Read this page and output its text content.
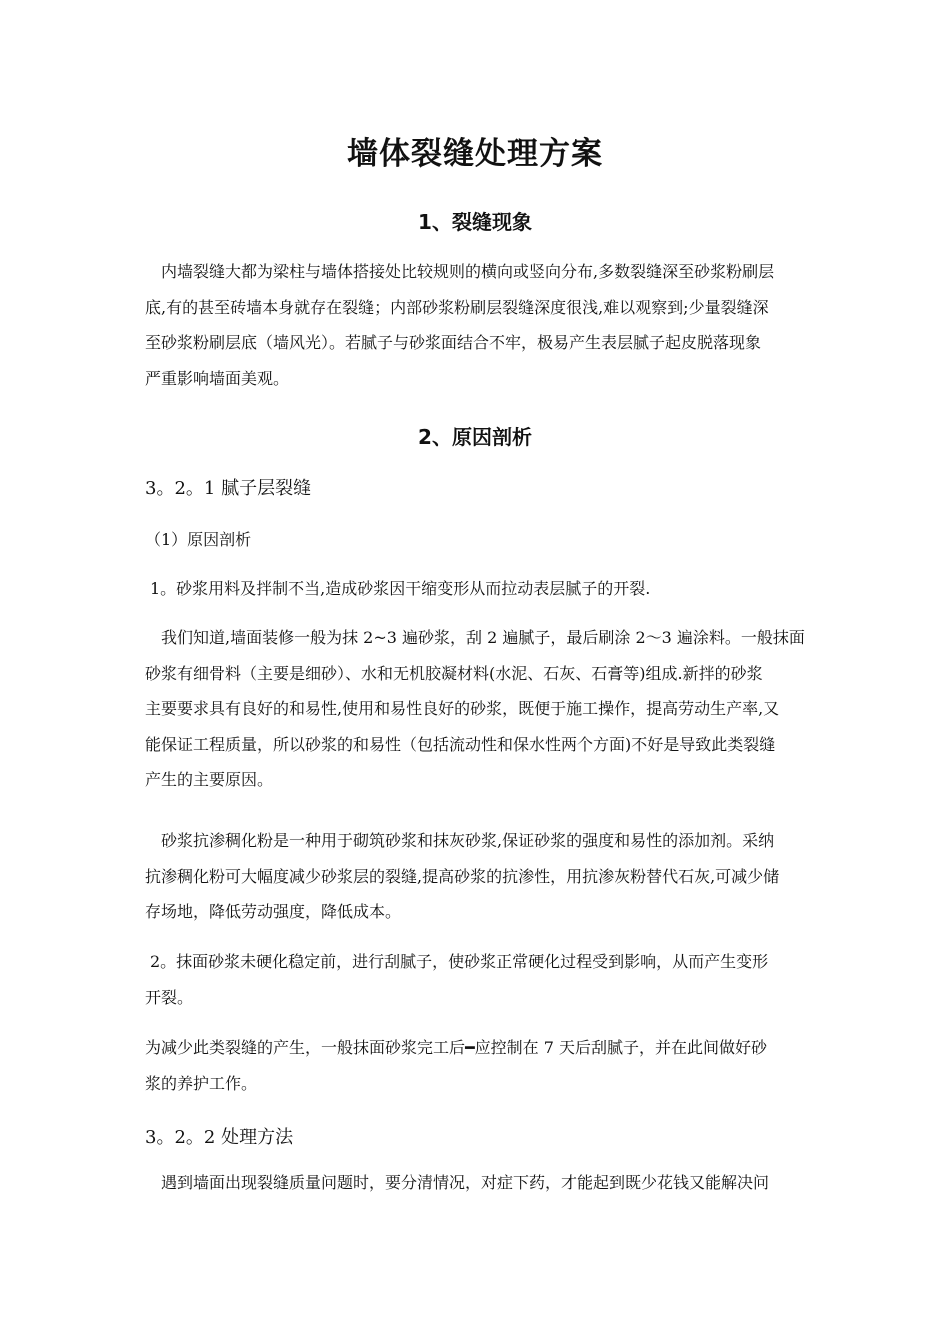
墙体裂缝处理方案
1、裂缝现象
内墙裂缝大都为梁柱与墙体搭接处比较规则的横向或竖向分布,多数裂缝深至砂浆粉刷层
底,有的甚至砖墙本身就存在裂缝；内部砂浆粉刷层裂缝深度很浅,难以观察到;少量裂缝深
至砂浆粉刷层底（墙风光）。若腻子与砂浆面结合不牢，极易产生表层腻子起皮脱落现象
严重影响墙面美观。
2、原因剖析
3。2。1 腻子层裂缝
（1）原因剖析
1。砂浆用料及拌制不当,造成砂浆因干缩变形从而拉动表层腻子的开裂.
我们知道,墙面装修一般为抹 2~3 遍砂浆，刮 2 遍腻子，最后刷涂 2～3 遍涂料。一般抹面
砂浆有细骨料（主要是细砂）、水和无机胶凝材料(水泥、石灰、石膏等)组成.新拌的砂浆
主要要求具有良好的和易性,使用和易性良好的砂浆，既便于施工操作，提高劳动生产率,又
能保证工程质量，所以砂浆的和易性（包括流动性和保水性两个方面)不好是导致此类裂缝
产生的主要原因。
砂浆抗渗稠化粉是一种用于砌筑砂浆和抹灰砂浆,保证砂浆的强度和易性的添加剂。采纳
抗渗稠化粉可大幅度减少砂浆层的裂缝,提高砂浆的抗渗性，用抗渗灰粉替代石灰,可减少储
存场地，降低劳动强度，降低成本。
2。抹面砂浆未硬化稳定前，进行刮腻子，使砂浆正常硬化过程受到影响，从而产生变形
开裂。
为减少此类裂缝的产生，一般抹面砂浆完工后━应控制在 7 天后刮腻子，并在此间做好砂
浆的养护工作。
3。2。2 处理方法
遇到墙面出现裂缝质量问题时，要分清情况，对症下药，才能起到既少花钱又能解决问
